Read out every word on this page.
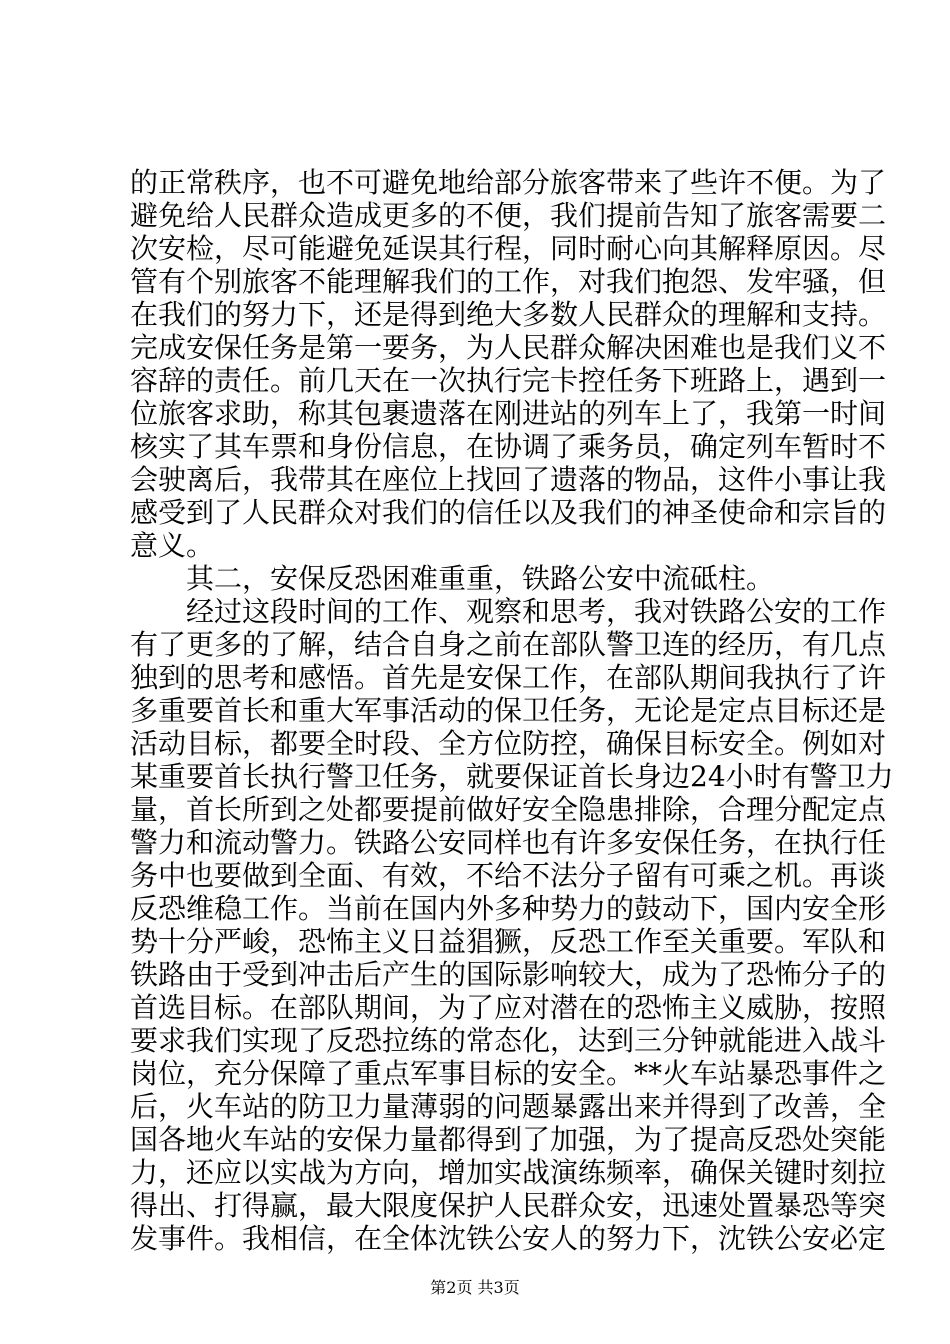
的正常秩序，也不可避免地给部分旅客带来了些许不便。为了
避免给人民群众造成更多的不便，我们提前告知了旅客需要二
次安检，尽可能避免延误其行程，同时耐心向其解释原因。尽
管有个别旅客不能理解我们的工作，对我们抱怨、发牢骚，但
在我们的努力下，还是得到绝大多数人民群众的理解和支持。
完成安保任务是第一要务，为人民群众解决困难也是我们义不
容辞的责任。前几天在一次执行完卡控任务下班路上，遇到一
位旅客求助，称其包裹遗落在刚进站的列车上了，我第一时间
核实了其车票和身份信息，在协调了乘务员，确定列车暂时不
会驶离后，我带其在座位上找回了遗落的物品，这件小事让我
感受到了人民群众对我们的信任以及我们的神圣使命和宗旨的
意义。
其二，安保反恐困难重重，铁路公安中流砥柱。
经过这段时间的工作、观察和思考，我对铁路公安的工作
有了更多的了解，结合自身之前在部队警卫连的经历，有几点
独到的思考和感悟。首先是安保工作，在部队期间我执行了许
多重要首长和重大军事活动的保卫任务，无论是定点目标还是
活动目标，都要全时段、全方位防控，确保目标安全。例如对
某重要首长执行警卫任务，就要保证首长身边24小时有警卫力
量，首长所到之处都要提前做好安全隐患排除，合理分配定点
警力和流动警力。铁路公安同样也有许多安保任务，在执行任
务中也要做到全面、有效，不给不法分子留有可乘之机。再谈
反恐维稳工作。当前在国内外多种势力的鼓动下，国内安全形
势十分严峻，恐怖主义日益猖獗，反恐工作至关重要。军队和
铁路由于受到冲击后产生的国际影响较大，成为了恐怖分子的
首选目标。在部队期间，为了应对潜在的恐怖主义威胁，按照
要求我们实现了反恐拉练的常态化，达到三分钟就能进入战斗
岗位，充分保障了重点军事目标的安全。**火车站暴恐事件之
后，火车站的防卫力量薄弱的问题暴露出来并得到了改善，全
国各地火车站的安保力量都得到了加强，为了提高反恐处突能
力，还应以实战为方向，增加实战演练频率，确保关键时刻拉
得出、打得赢，最大限度保护人民群众安，迅速处置暴恐等突
第2页 共3页
发事件。我相信，在全体沈铁公安人的努力下，沈铁公安必定
